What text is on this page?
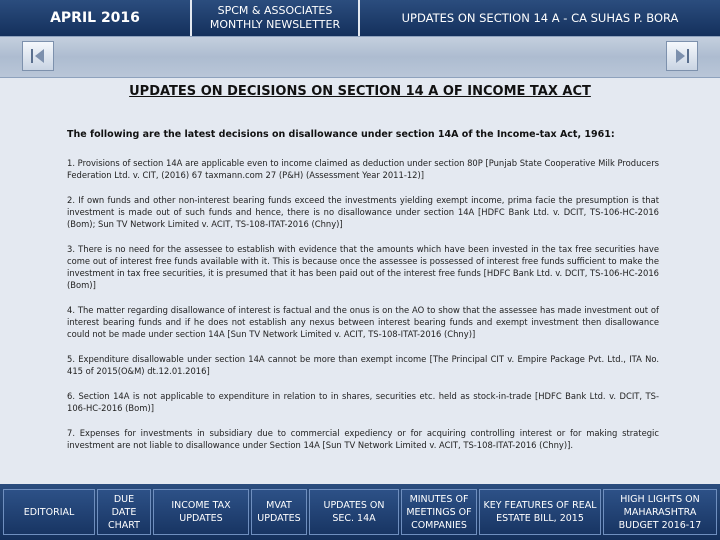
APRIL 2016	SPCM & ASSOCIATES MONTHLY NEWSLETTER	UPDATES ON SECTION 14 A - CA SUHAS P. BORA
UPDATES ON DECISIONS ON SECTION 14 A OF INCOME TAX ACT
The following are the latest decisions on disallowance under section 14A of the Income-tax Act, 1961:

1. Provisions of section 14A are applicable even to income claimed as deduction under section 80P [Punjab State Cooperative Milk Producers Federation Ltd. v. CIT, (2016) 67 taxmann.com 27 (P&H) (Assessment Year 2011-12)]

2. If own funds and other non-interest bearing funds exceed the investments yielding exempt income, prima facie the presumption is that investment is made out of such funds and hence, there is no disallowance under section 14A [HDFC Bank Ltd. v. DCIT, TS-106-HC-2016 (Bom); Sun TV Network Limited v. ACIT, TS-108-ITAT-2016 (Chny)]

3. There is no need for the assessee to establish with evidence that the amounts which have been invested in the tax free securities have come out of interest free funds available with it. This is because once the assessee is possessed of interest free funds sufficient to make the investment in tax free securities, it is presumed that it has been paid out of the interest free funds [HDFC Bank Ltd. v. DCIT, TS-106-HC-2016 (Bom)]

4. The matter regarding disallowance of interest is factual and the onus is on the AO to show that the assessee has made investment out of interest bearing funds and if he does not establish any nexus between interest bearing funds and exempt investment then disallowance could not be made under section 14A [Sun TV Network Limited v. ACIT, TS-108-ITAT-2016 (Chny)]

5. Expenditure disallowable under section 14A cannot be more than exempt income [The Principal CIT v. Empire Package Pvt. Ltd., ITA No. 415 of 2015(O&M) dt.12.01.2016]

6. Section 14A is not applicable to expenditure in relation to in shares, securities etc. held as stock-in-trade [HDFC Bank Ltd. v. DCIT, TS-106-HC-2016 (Bom)]

7. Expenses for investments in subsidiary due to commercial expediency or for acquiring controlling interest or for making strategic investment are not liable to disallowance under Section 14A [Sun TV Network Limited v. ACIT, TS-108-ITAT-2016 (Chny)].

EDITORIAL
DUE DATE CHART
INCOME TAX UPDATES
MVAT UPDATES
UPDATES ON SEC. 14A
MINUTES OF MEETINGS OF COMPANIES
KEY FEATURES OF REAL ESTATE BILL, 2015
HIGH LIGHTS ON MAHARASHTRA BUDGET 2016-17
